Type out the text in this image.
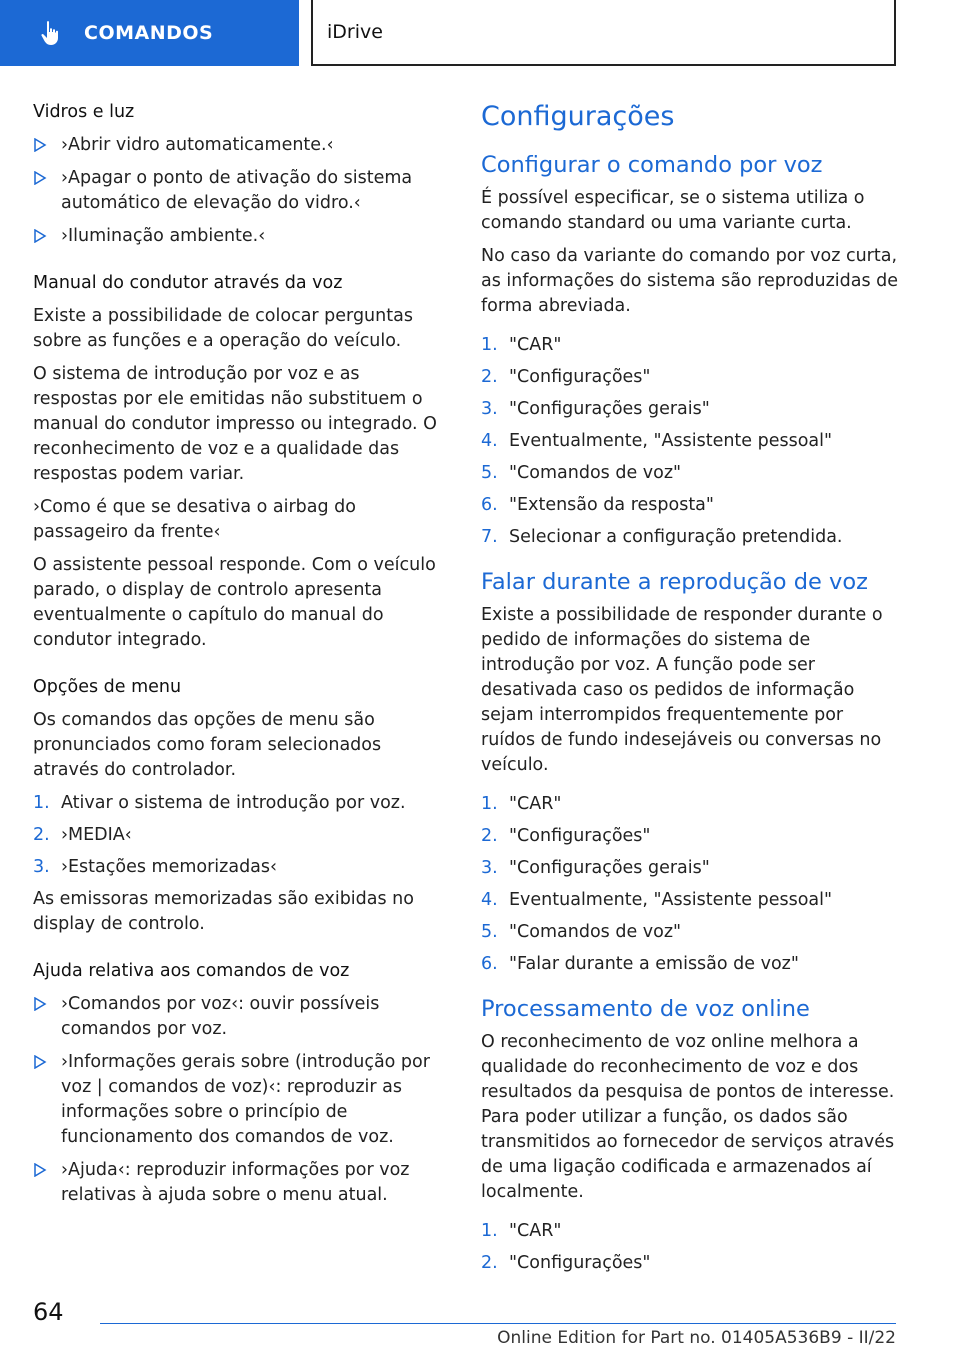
COMANDOS	iDrive
Vidros e luz
›Abrir vidro automaticamente.‹
›Apagar o ponto de ativação do sistema automático de elevação do vidro.‹
›Iluminação ambiente.‹
Manual do condutor através da voz
Existe a possibilidade de colocar perguntas sobre as funções e a operação do veículo.
O sistema de introdução por voz e as respostas por ele emitidas não substituem o manual do condutor impresso ou integrado. O reconhecimento de voz e a qualidade das respostas podem variar.
›Como é que se desativa o airbag do passageiro da frente‹
O assistente pessoal responde. Com o veículo parado, o display de controlo apresenta eventualmente o capítulo do manual do condutor integrado.
Opções de menu
Os comandos das opções de menu são pronunciados como foram selecionados através do controlador.
1. Ativar o sistema de introdução por voz.
2. ›MEDIA‹
3. ›Estações memorizadas‹
As emissoras memorizadas são exibidas no display de controlo.
Ajuda relativa aos comandos de voz
›Comandos por voz‹: ouvir possíveis comandos por voz.
›Informações gerais sobre (introdução por voz | comandos de voz)‹: reproduzir as informações sobre o princípio de funcionamento dos comandos de voz.
›Ajuda‹: reproduzir informações por voz relativas à ajuda sobre o menu atual.
Configurações
Configurar o comando por voz
É possível especificar, se o sistema utiliza o comando standard ou uma variante curta.
No caso da variante do comando por voz curta, as informações do sistema são reproduzidas de forma abreviada.
1. "CAR"
2. "Configurações"
3. "Configurações gerais"
4. Eventualmente, "Assistente pessoal"
5. "Comandos de voz"
6. "Extensão da resposta"
7. Selecionar a configuração pretendida.
Falar durante a reprodução de voz
Existe a possibilidade de responder durante o pedido de informações do sistema de introdução por voz. A função pode ser desativada caso os pedidos de informação sejam interrompidos frequentemente por ruídos de fundo indesejáveis ou conversas no veículo.
1. "CAR"
2. "Configurações"
3. "Configurações gerais"
4. Eventualmente, "Assistente pessoal"
5. "Comandos de voz"
6. "Falar durante a emissão de voz"
Processamento de voz online
O reconhecimento de voz online melhora a qualidade do reconhecimento de voz e dos resultados da pesquisa de pontos de interesse. Para poder utilizar a função, os dados são transmitidos ao fornecedor de serviços através de uma ligação codificada e armazenados aí localmente.
1. "CAR"
2. "Configurações"
64
Online Edition for Part no. 01405A536B9 - II/22
